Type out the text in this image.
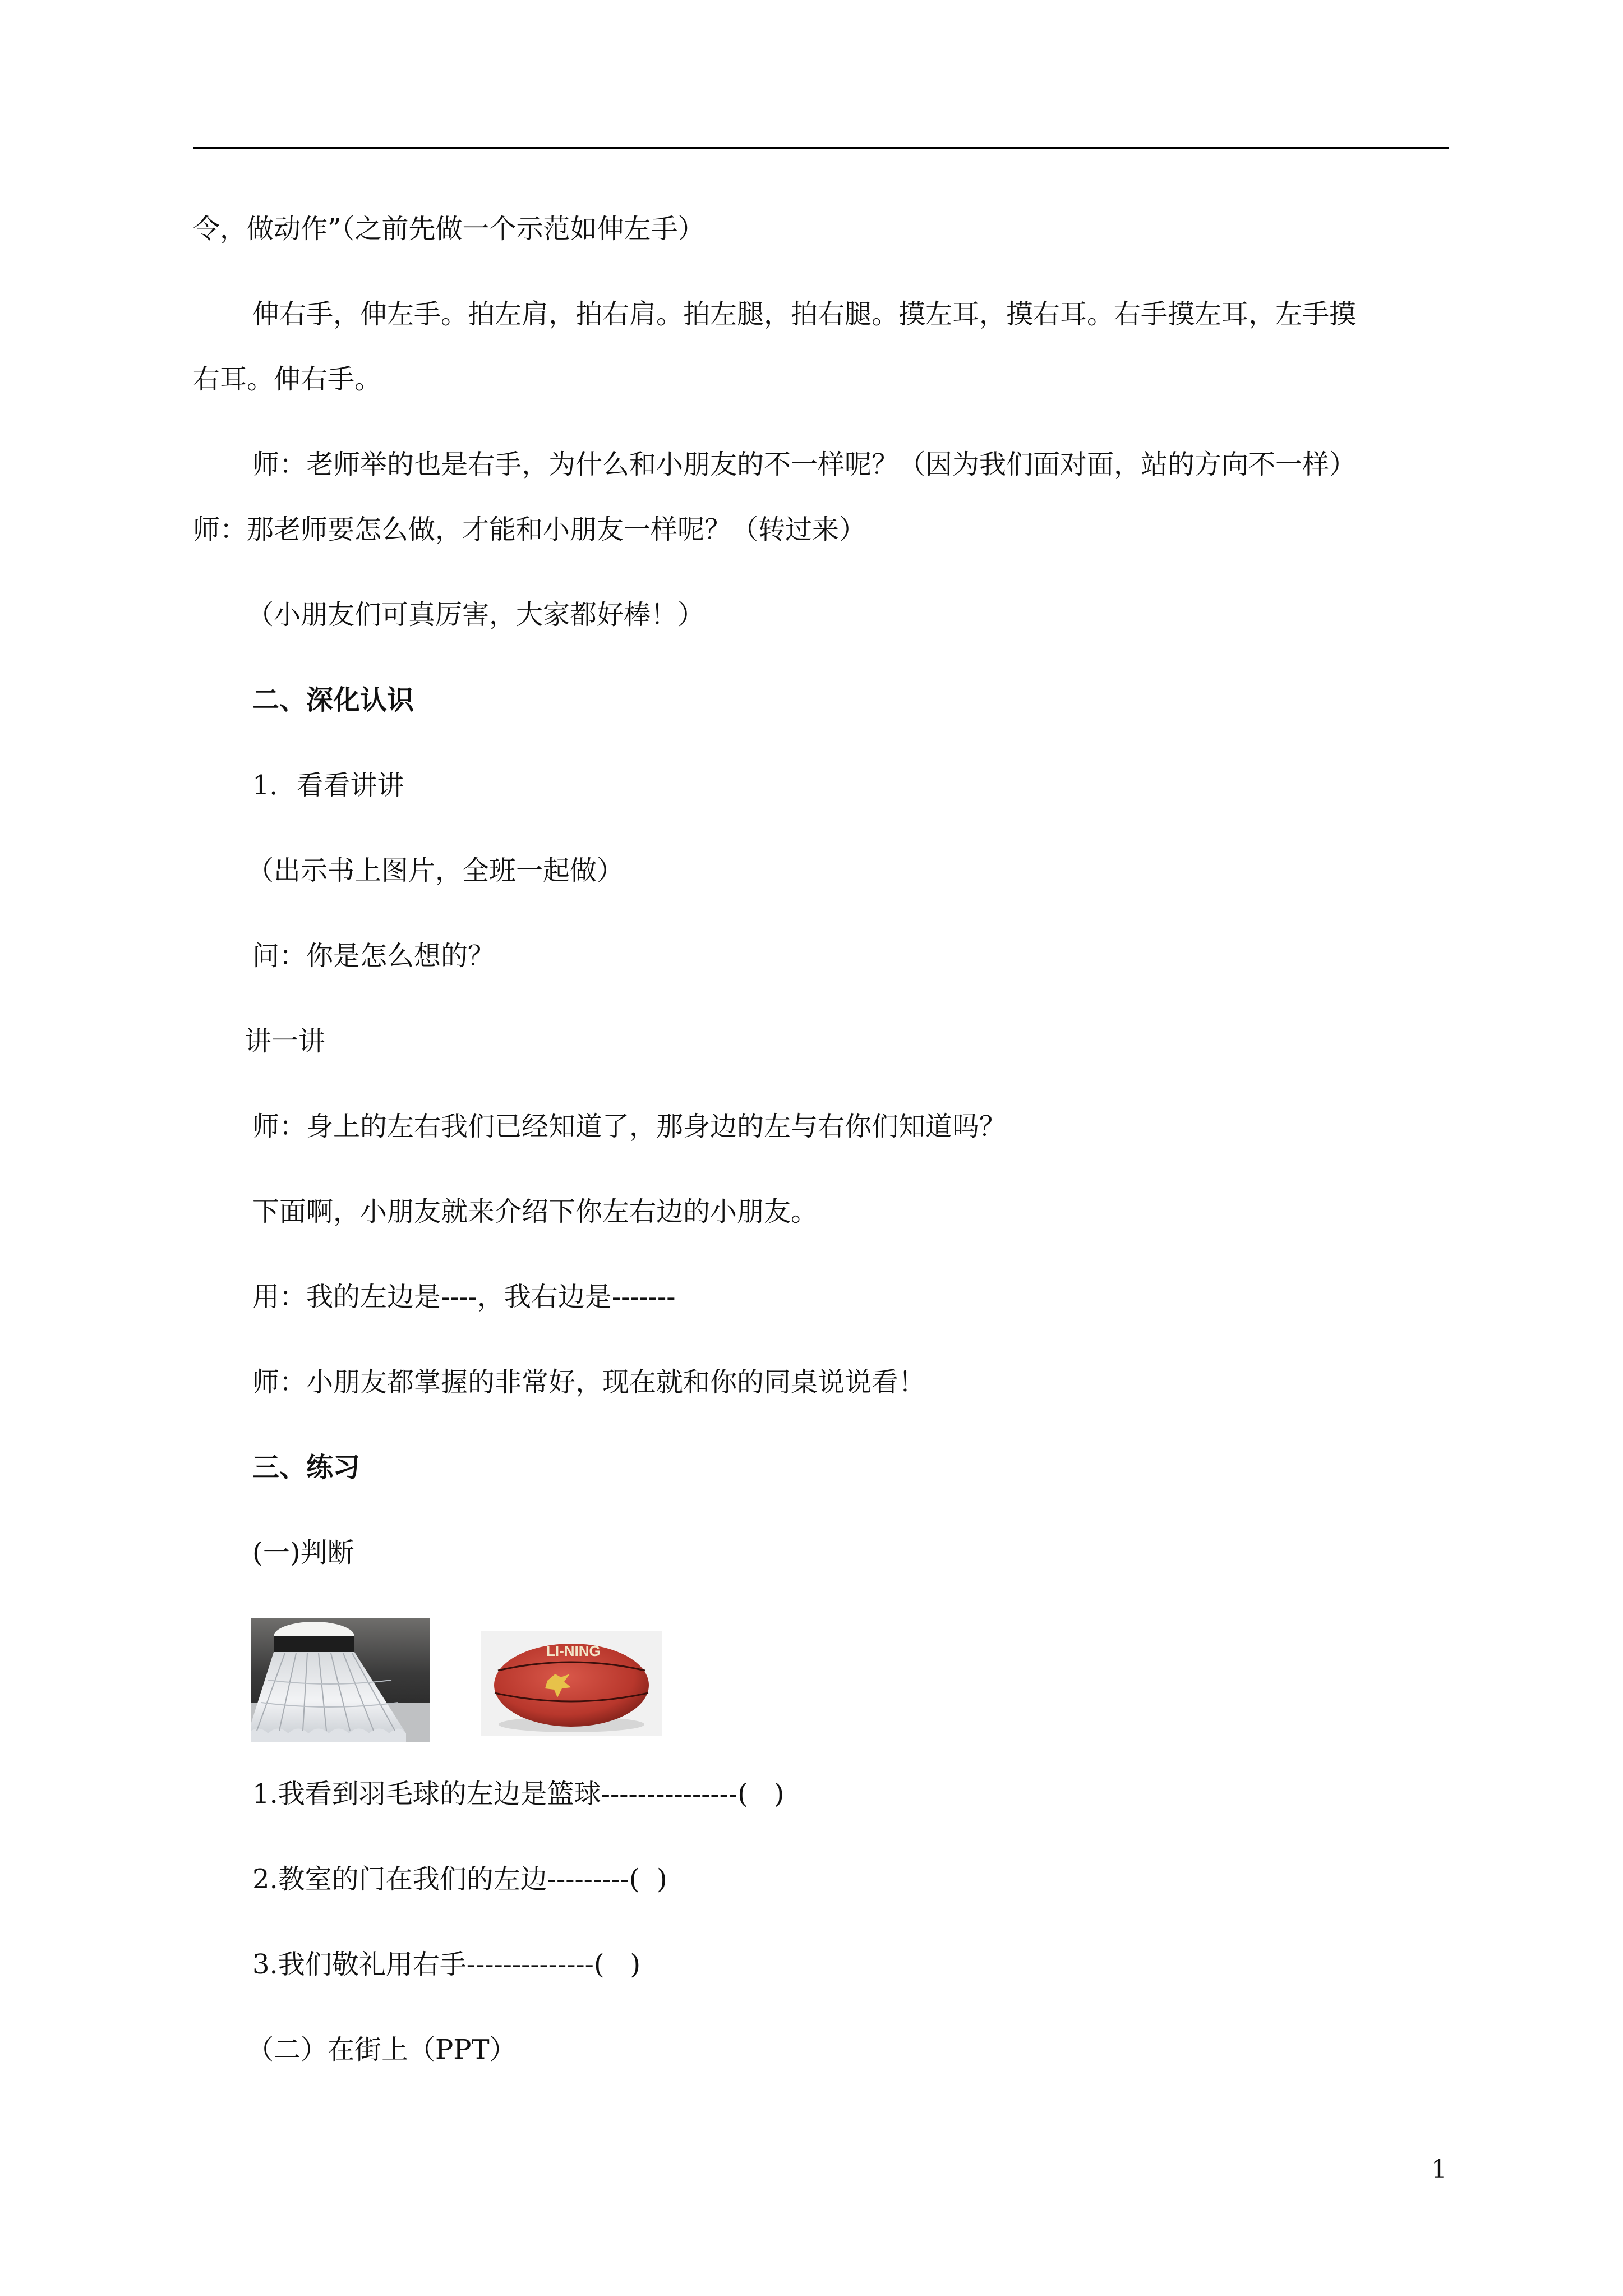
令，做动作”（之前先做一个示范如伸左手）
伸右手，伸左手。拍左肩，拍右肩。拍左腿，拍右腿。摸左耳，摸右耳。右手摸左耳，左手摸
右耳。伸右手。
师：老师举的也是右手，为什么和小朋友的不一样呢？（因为我们面对面，站的方向不一样）
师：那老师要怎么做，才能和小朋友一样呢？（转过来）
（小朋友们可真厉害，大家都好棒！）
二、深化认识
1．看看讲讲
（出示书上图片，全班一起做）
问：你是怎么想的？
讲一讲
师：身上的左右我们已经知道了，那身边的左与右你们知道吗？
下面啊，小朋友就来介绍下你左右边的小朋友。
用：我的左边是----，我右边是-------
师：小朋友都掌握的非常好，现在就和你的同桌说说看！
三、练习
(一)判断
LI-NING
1.我看到羽毛球的左边是篮球---------------(   )
2.教室的门在我们的左边---------(  )
3.我们敬礼用右手--------------(   )
（二）在街上（PPT）
1
